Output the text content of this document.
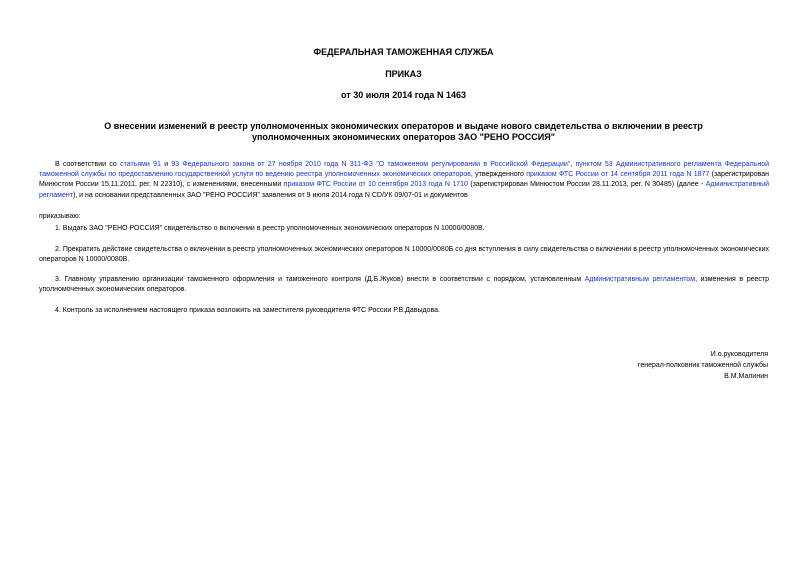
ФЕДЕРАЛЬНАЯ ТАМОЖЕННАЯ СЛУЖБА
ПРИКАЗ
от 30 июля 2014 года N 1463
О внесении изменений в реестр уполномоченных экономических операторов и выдаче нового свидетельства о включении в реестр уполномоченных экономических операторов ЗАО "РЕНО РОССИЯ"
В соответствии со статьями 91 и 93 Федерального закона от 27 ноября 2010 года N 311-ФЗ "О таможенном регулировании в Российской Федерации", пунктом 53 Административного регламента Федеральной таможенной службы по предоставлению государственной услуги по ведению реестра уполномоченных экономических операторов, утвержденного приказом ФТС России от 14 сентября 2011 года N 1877 (зарегистрирован Минюстом России 15.11.2011, рег. N 22310), с изменениями, внесенными приказом ФТС России от 10 сентября 2013 года N 1710 (зарегистрирован Минюстом России 28.11.2013, рег. N 30485) (далее - Административный регламент), и на основании представленных ЗАО "РЕНО РОССИЯ" заявления от 9 июля 2014 года N CD/УК 09/07-01 и документов
приказываю:
1. Выдать ЗАО "РЕНО РОССИЯ" свидетельство о включении в реестр уполномоченных экономических операторов N 10000/0080В.
2. Прекратить действие свидетельства о включении в реестр уполномоченных экономических операторов N 10000/0080Б со дня вступления в силу свидетельства о включении в реестр уполномоченных экономических операторов N 10000/0080В.
3. Главному управлению организации таможенного оформления и таможенного контроля (Д.Б.Жуков) внести в соответствии с порядком, установленным Административным регламентом, изменения в реестр уполномоченных экономических операторов.
4. Контроль за исполнением настоящего приказа возложить на заместителя руководителя ФТС России Р.В.Давыдова.
И.о.руководителя
генерал-полковник таможенной службы
В.М.Малинин
